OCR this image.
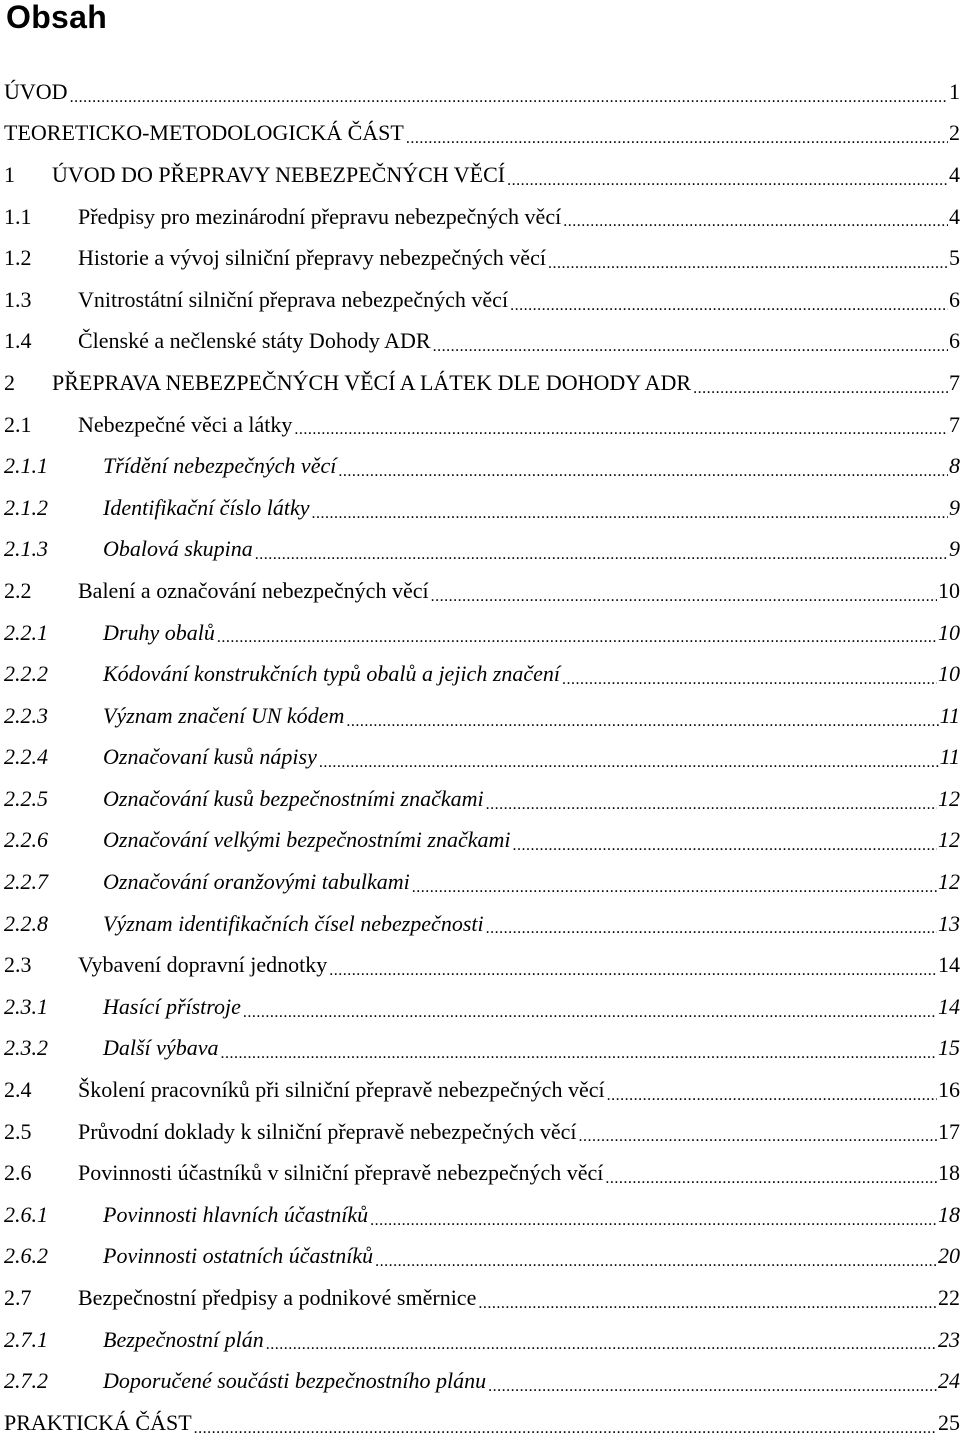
Obsah
ÚVOD .....	1
TEORETICKO-METODOLOGICKÁ ČÁST .....	2
1	ÚVOD DO PŘEPRAVY NEBEZPEČNÝCH VĚCÍ .....	4
1.1	Předpisy pro mezinárodní přepravu nebezpečných věcí .....	4
1.2	Historie a vývoj silniční přepravy nebezpečných věcí .....	5
1.3	Vnitrostátní silniční přeprava nebezpečných věcí .....	6
1.4	Členské a nečlenské státy Dohody ADR .....	6
2	PŘEPRAVA NEBEZPEČNÝCH VĚCÍ A LÁTEK DLE DOHODY ADR .....	7
2.1	Nebezpečné věci a látky .....	7
2.1.1	Třídění nebezpečných věcí .....	8
2.1.2	Identifikační číslo látky .....	9
2.1.3	Obalová skupina .....	9
2.2	Balení a označování nebezpečných věcí .....	10
2.2.1	Druhy obalů .....	10
2.2.2	Kódování konstrukčních typů obalů a jejich značení .....	10
2.2.3	Význam značení UN kódem .....	11
2.2.4	Označovaní kusů nápisy .....	11
2.2.5	Označování kusů bezpečnostními značkami .....	12
2.2.6	Označování velkými bezpečnostními značkami .....	12
2.2.7	Označování oranžovými tabulkami .....	12
2.2.8	Význam identifikačních čísel nebezpečnosti .....	13
2.3	Vybavení dopravní jednotky .....	14
2.3.1	Hasící přístroje .....	14
2.3.2	Další výbava .....	15
2.4	Školení pracovníků při silniční přepravě nebezpečných věcí .....	16
2.5	Průvodní doklady k silniční přepravě nebezpečných věcí .....	17
2.6	Povinnosti účastníků v silniční přepravě nebezpečných věcí .....	18
2.6.1	Povinnosti hlavních účastníků .....	18
2.6.2	Povinnosti ostatních účastníků .....	20
2.7	Bezpečnostní předpisy a podnikové směrnice .....	22
2.7.1	Bezpečnostní plán .....	23
2.7.2	Doporučené součásti bezpečnostního plánu .....	24
PRAKTICKÁ ČÁST .....	25
